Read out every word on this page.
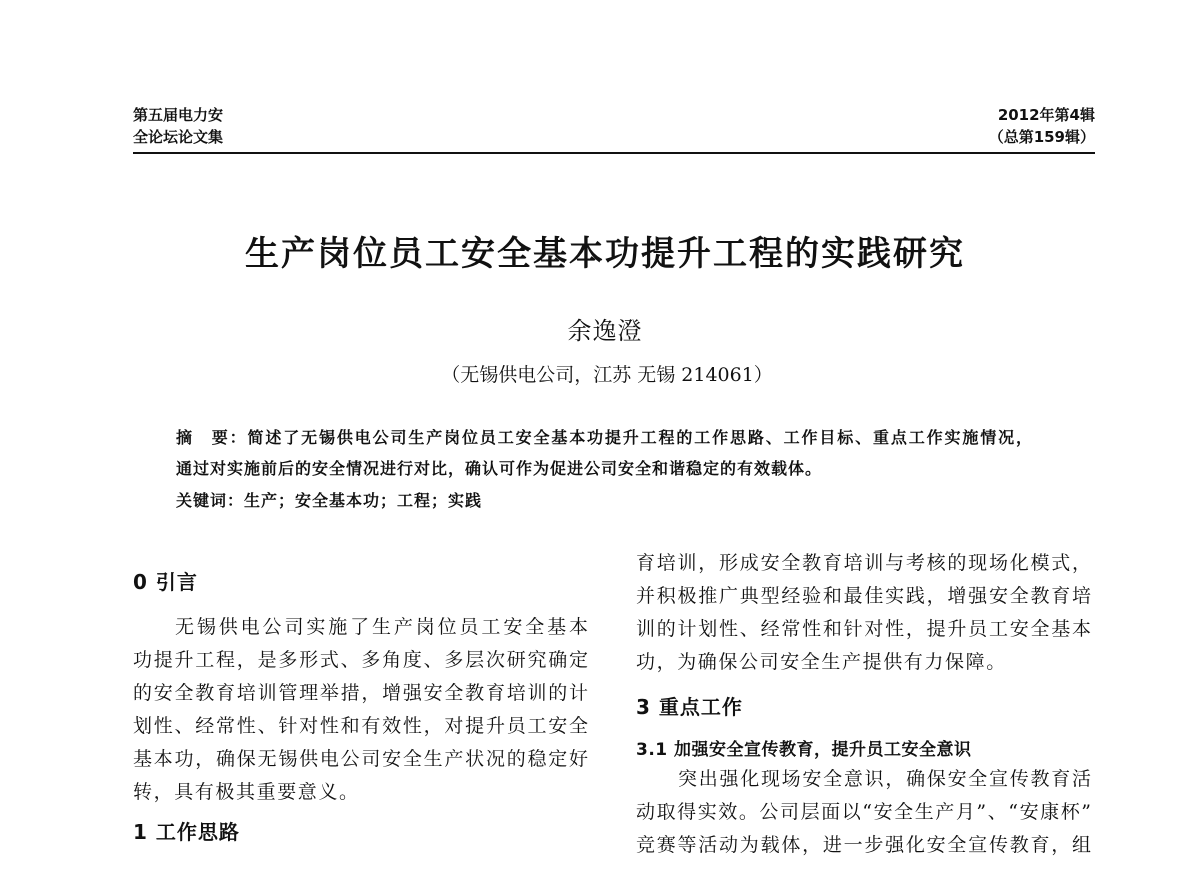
第五届电力安
全论坛论文集
2012年第4辑
（总第159辑）
生产岗位员工安全基本功提升工程的实践研究
余逸澄
（无锡供电公司，江苏 无锡 214061）
摘　要：简述了无锡供电公司生产岗位员工安全基本功提升工程的工作思路、工作目标、重点工作实施情况，
通过对实施前后的安全情况进行对比，确认可作为促进公司安全和谐稳定的有效载体。
关键词：生产；安全基本功；工程；实践
0 引言
无锡供电公司实施了生产岗位员工安全基本
功提升工程，是多形式、多角度、多层次研究确定
的安全教育培训管理举措，增强安全教育培训的计
划性、经常性、针对性和有效性，对提升员工安全
基本功，确保无锡供电公司安全生产状况的稳定好
转，具有极其重要意义。
1 工作思路
育培训，形成安全教育培训与考核的现场化模式，
并积极推广典型经验和最佳实践，增强安全教育培
训的计划性、经常性和针对性，提升员工安全基本
功，为确保公司安全生产提供有力保障。
3 重点工作
3.1 加强安全宣传教育，提升员工安全意识
突出强化现场安全意识，确保安全宣传教育活
动取得实效。公司层面以“安全生产月”、“安康杯”
竞赛等活动为载体，进一步强化安全宣传教育，组
